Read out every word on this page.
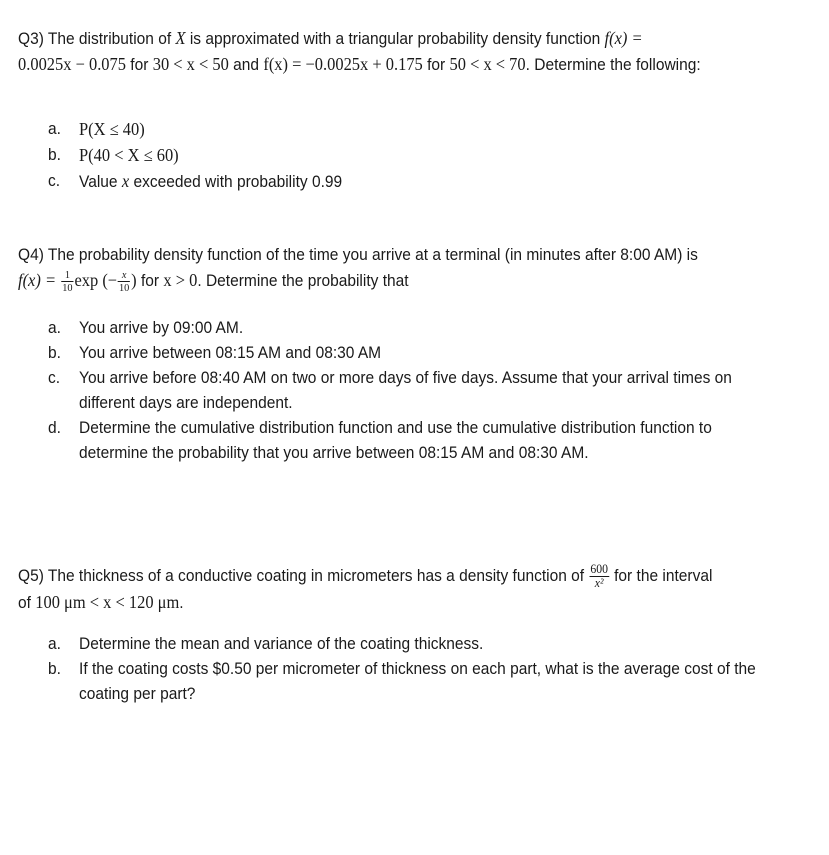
Q3) The distribution of X is approximated with a triangular probability density function f(x) =
0.0025x − 0.075 for 30 < x < 50 and f(x) = −0.0025x + 0.175 for 50 < x < 70. Determine the following:
a. P(X ≤ 40)
b. P(40 < X ≤ 60)
c. Value x exceeded with probability 0.99
Q4) The probability density function of the time you arrive at a terminal (in minutes after 8:00 AM) is
$f(x) = \frac{1}{10}$ exp (− $\frac{x}{10}$ ) for x > 0. Determine the probability that
a. You arrive by 09:00 AM.
b. You arrive between 08:15 AM and 08:30 AM
c. You arrive before 08:40 AM on two or more days of five days. Assume that your arrival times on different days are independent.
d. Determine the cumulative distribution function and use the cumulative distribution function to determine the probability that you arrive between 08:15 AM and 08:30 AM.
Q5) The thickness of a conductive coating in micrometers has a density function of $\frac{600}{\text{x²}}$ for the interval
of 100 μm < x < 120 μm.
a. Determine the mean and variance of the coating thickness.
b. If the coating costs $0.50 per micrometer of thickness on each part, what is the average cost of the coating per part?
